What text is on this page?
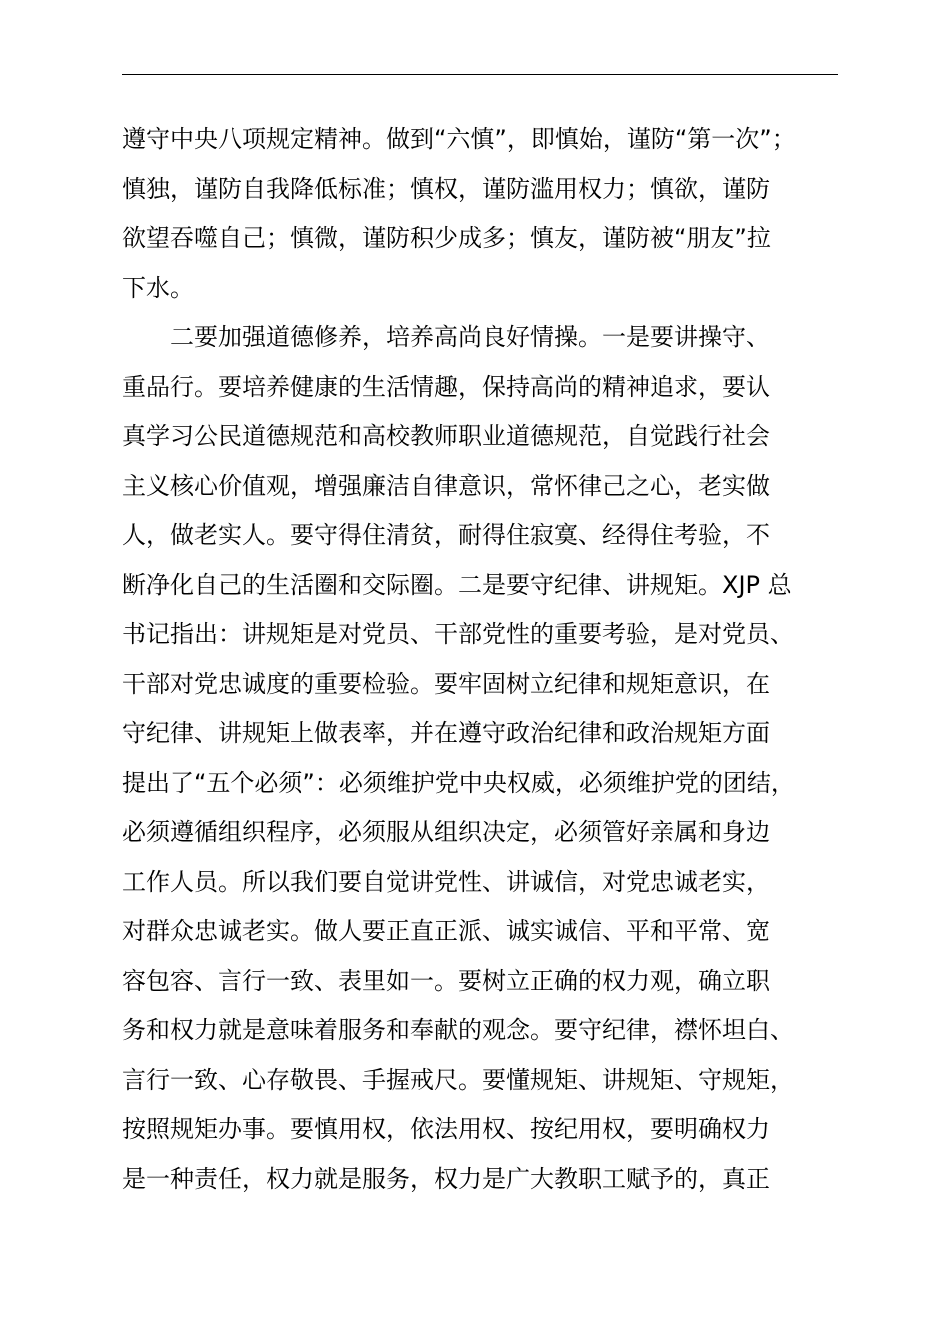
遵守中央八项规定精神。做到“六慎”，即慎始，谨防“第一次”；
慎独，谨防自我降低标准；慎权，谨防滥用权力；慎欲，谨防
欲望吞噬自己；慎微，谨防积少成多；慎友，谨防被“朋友”拉
下水。
　　二要加强道德修养，培养高尚良好情操。一是要讲操守、
重品行。要培养健康的生活情趣，保持高尚的精神追求，要认
真学习公民道德规范和高校教师职业道德规范，自觉践行社会
主义核心价值观，增强廉洁自律意识，常怀律己之心，老实做
人，做老实人。要守得住清贫，耐得住寂寞、经得住考验，不
断净化自己的生活圈和交际圈。二是要守纪律、讲规矩。XJP 总
书记指出：讲规矩是对党员、干部党性的重要考验，是对党员、
干部对党忠诚度的重要检验。要牢固树立纪律和规矩意识，在
守纪律、讲规矩上做表率，并在遵守政治纪律和政治规矩方面
提出了“五个必须”：必须维护党中央权威，必须维护党的团结，
必须遵循组织程序，必须服从组织决定，必须管好亲属和身边
工作人员。所以我们要自觉讲党性、讲诚信，对党忠诚老实，
对群众忠诚老实。做人要正直正派、诚实诚信、平和平常、宽
容包容、言行一致、表里如一。要树立正确的权力观，确立职
务和权力就是意味着服务和奉献的观念。要守纪律，襟怀坦白、
言行一致、心存敬畏、手握戒尺。要懂规矩、讲规矩、守规矩，
按照规矩办事。要慎用权，依法用权、按纪用权，要明确权力
是一种责任，权力就是服务，权力是广大教职工赋予的，真正
